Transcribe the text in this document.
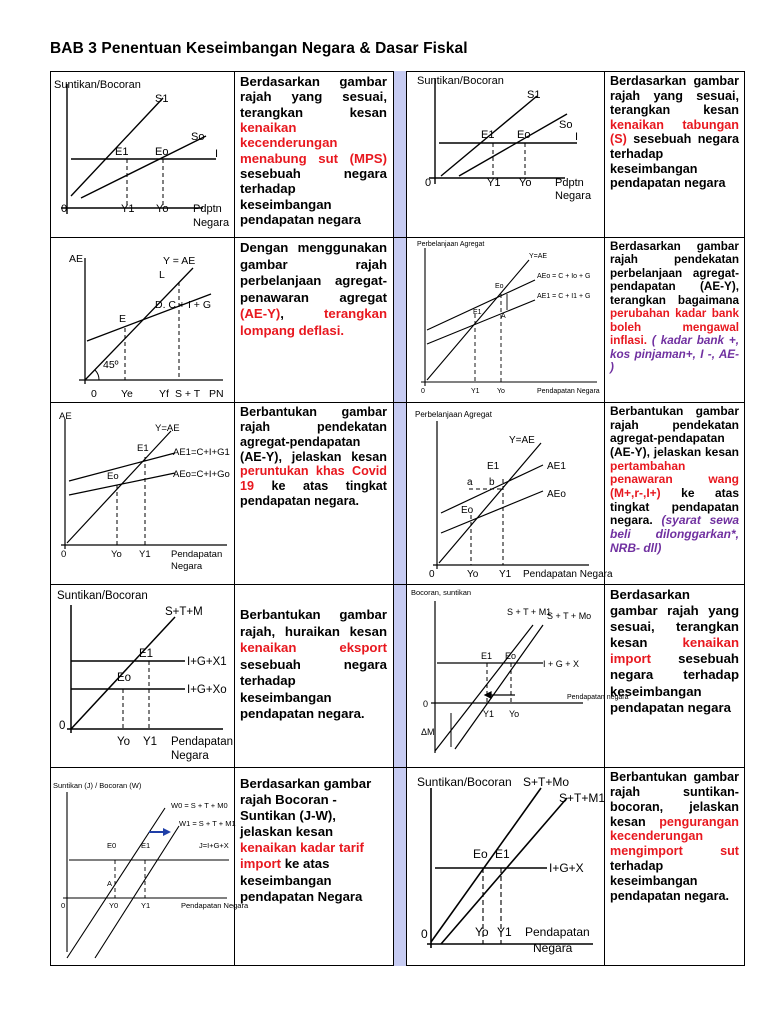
BAB 3 Penentuan Keseimbangan Negara & Dasar Fiskal
Suntikan/Bocoran
S1
So
E1 Eo	I
0	Y1 Yo Pdptn
Negara
Berdasarkan gambar rajah yang sesuai, terangkan kesan kenaikan kecenderungan menabung sut (MPS) sesebuah negara terhadap keseimbangan pendapatan negara
Suntikan/Bocoran
S1
So
E1 Eo	I
0	Y1 Yo Pdptn
Negara
Berdasarkan gambar rajah yang sesuai, terangkan kesan kenaikan tabungan (S) sesebuah negara terhadap keseimbangan pendapatan negara
AE	Y = AE
L
D. C + I + G
E
45º
0 Ye Yf S + T PN
Dengan menggunakan gambar rajah perbelanjaan agregat-penawaran agregat (AE-Y), terangkan lompang deflasi.
Perbelanjaan Agregat
Y=AE
AEo = C + Io + G
AE1 = C + I1 + G
Eo
E1
A
0	Y1 Yo	Pendapatan Negara
Berdasarkan gambar rajah pendekatan perbelanjaan agregat-pendapatan (AE-Y), terangkan bagaimana perubahan kadar bank boleh mengawal inflasi. ( kadar bank +, kos pinjaman+, I -, AE- )
AE
Y=AE
E1	AE1=C+I+G1
Eo	AEo=C+I+Go
0	Yo Y1 Pendapatan
Negara
Berbantukan gambar rajah pendekatan agregat-pendapatan (AE-Y), jelaskan kesan peruntukan khas Covid 19 ke atas tingkat pendapatan negara.
Perbelanjaan Agregat
Y=AE
E1	AE1
a b
Eo
AEo
0	Yo Y1 Pendapatan Negara
Berbantukan gambar rajah pendekatan agregat-pendapatan (AE-Y), jelaskan kesan pertambahan penawaran wang (M+,r-,I+) ke atas tingkat pendapatan negara. (syarat sewa beli dilonggarkan*, NRB- dll)
Suntikan/Bocoran
S+T+M
E1
I+G+X1
Eo
I+G+Xo
0
Yo Y1 Pendapatan
Negara
Berbantukan gambar rajah, huraikan kesan kenaikan eksport sesebuah negara terhadap keseimbangan pendapatan negara.
Bocoran, suntikan
S + T + M1
S + T + Mo
E1 Eo
I + G + X
0
Y1 Yo
ΔM
Pendapatan negara
Berdasarkan gambar rajah yang sesuai, terangkan kesan kenaikan import sesebuah negara terhadap keseimbangan pendapatan negara
Suntikan (J) / Bocoran (W)
W0 = S + T + M0
W1 = S + T + M1
E0	E1	J=I+G+X
A
0	Y0	Y1	Pendapatan Negara
Berdasarkan gambar rajah Bocoran - Suntikan (J-W), jelaskan kesan kenaikan kadar tarif import ke atas keseimbangan pendapatan Negara
Suntikan/Bocoran S+T+Mo
S+T+M1
Eo E1
I+G+X
0	Yo Y1 Pendapatan
Negara
Berbantukan gambar rajah suntikan-bocoran, jelaskan kesan pengurangan kecenderungan mengimport sut terhadap keseimbangan pendapatan negara.
